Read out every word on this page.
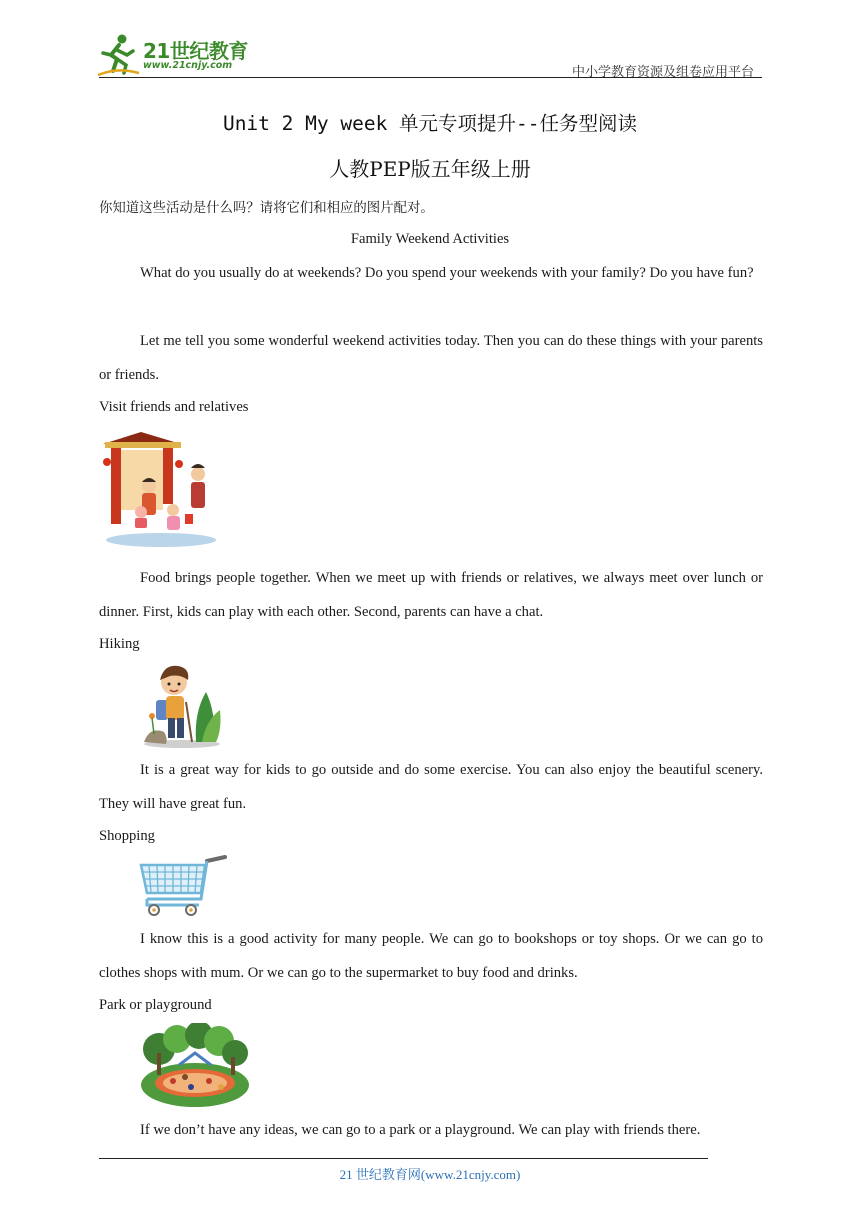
21世纪教育
www.21cnjy.com	中小学教育资源及组卷应用平台
Unit 2 My week 单元专项提升--任务型阅读
人教PEP版五年级上册
你知道这些活动是什么吗？请将它们和相应的图片配对。
Family Weekend Activities
What do you usually do at weekends? Do you spend your weekends with your family? Do you have fun?
Let me tell you some wonderful weekend activities today. Then you can do these things with your parents or friends.
Visit friends and relatives
Food brings people together. When we meet up with friends or relatives, we always meet over lunch or dinner. First, kids can play with each other. Second, parents can have a chat.
Hiking
It is a great way for kids to go outside and do some exercise. You can also enjoy the beautiful scenery. They will have great fun.
Shopping
I know this is a good activity for many people. We can go to bookshops or toy shops. Or we can go to clothes shops with mum. Or we can go to the supermarket to buy food and drinks.
Park or playground
If we don’t have any ideas, we can go to a park or a playground. We can play with friends there.
21 世纪教育网(www.21cnjy.com)
